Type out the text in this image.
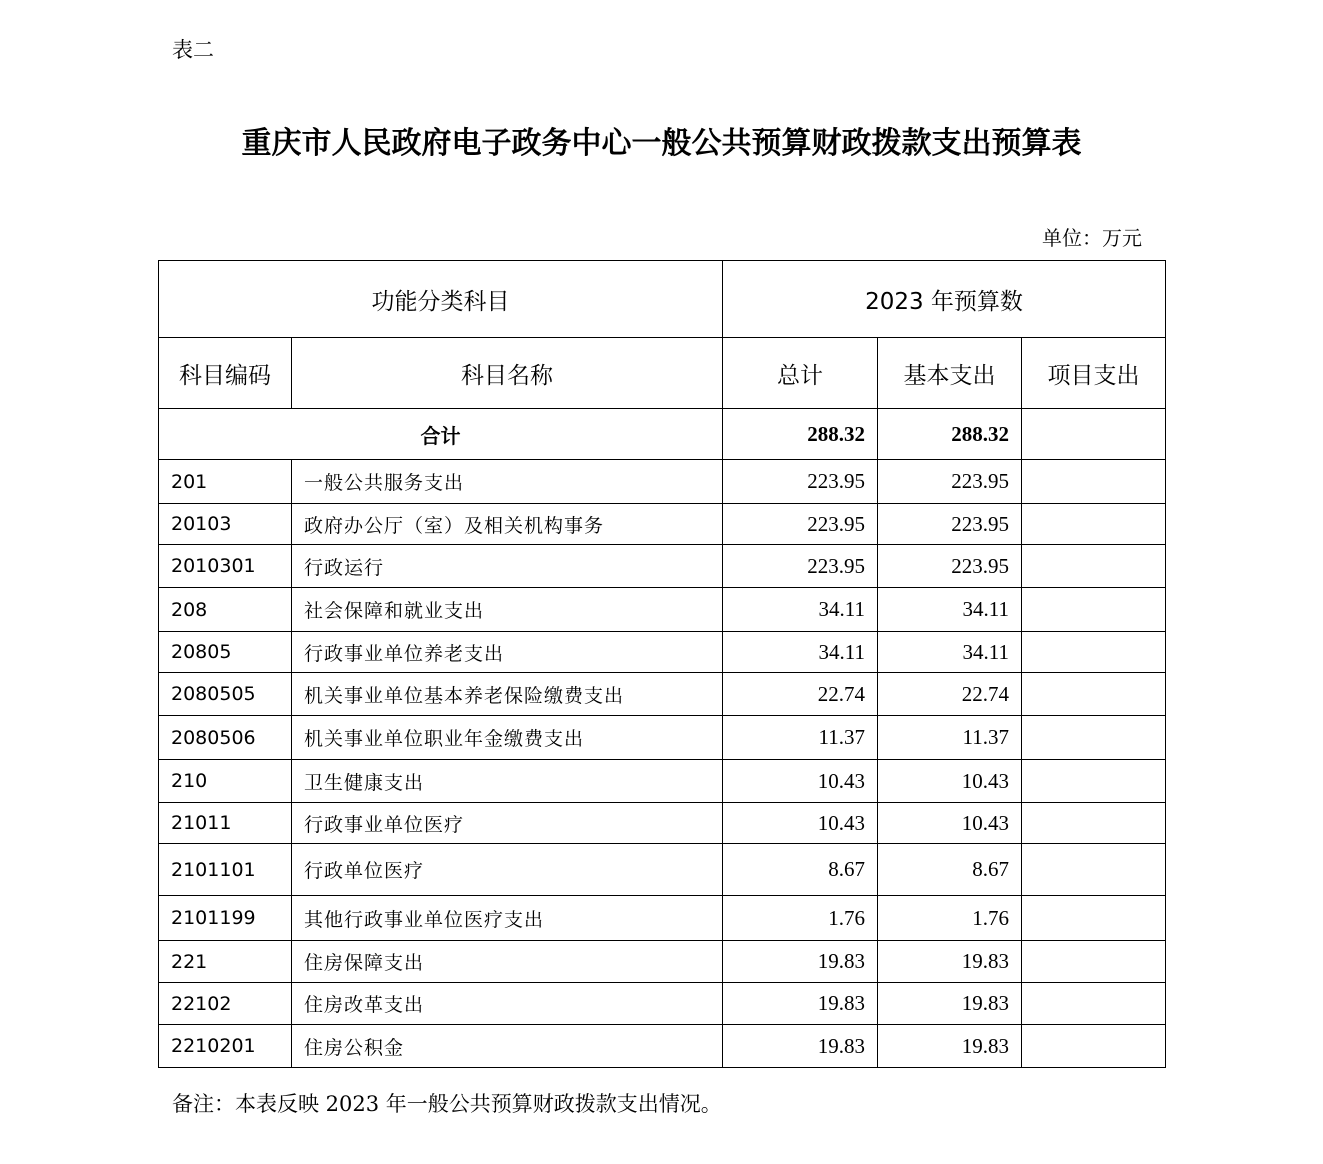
表二
重庆市人民政府电子政务中心一般公共预算财政拨款支出预算表
单位：万元
功能分类科目		2023 年预算数		
科目编码	科目名称	总计	基本支出	项目支出
合计		288.32	288.32	
201	一般公共服务支出	223.95	223.95	
20103	政府办公厅（室）及相关机构事务	223.95	223.95	
2010301	行政运行	223.95	223.95	
208	社会保障和就业支出	34.11	34.11	
20805	行政事业单位养老支出	34.11	34.11	
2080505	机关事业单位基本养老保险缴费支出	22.74	22.74	
2080506	机关事业单位职业年金缴费支出	11.37	11.37	
210	卫生健康支出	10.43	10.43	
21011	行政事业单位医疗	10.43	10.43	
2101101	行政单位医疗	8.67	8.67	
2101199	其他行政事业单位医疗支出	1.76	1.76	
221	住房保障支出	19.83	19.83	
22102	住房改革支出	19.83	19.83	
2210201	住房公积金	19.83	19.83	
备注：本表反映 2023 年一般公共预算财政拨款支出情况。
